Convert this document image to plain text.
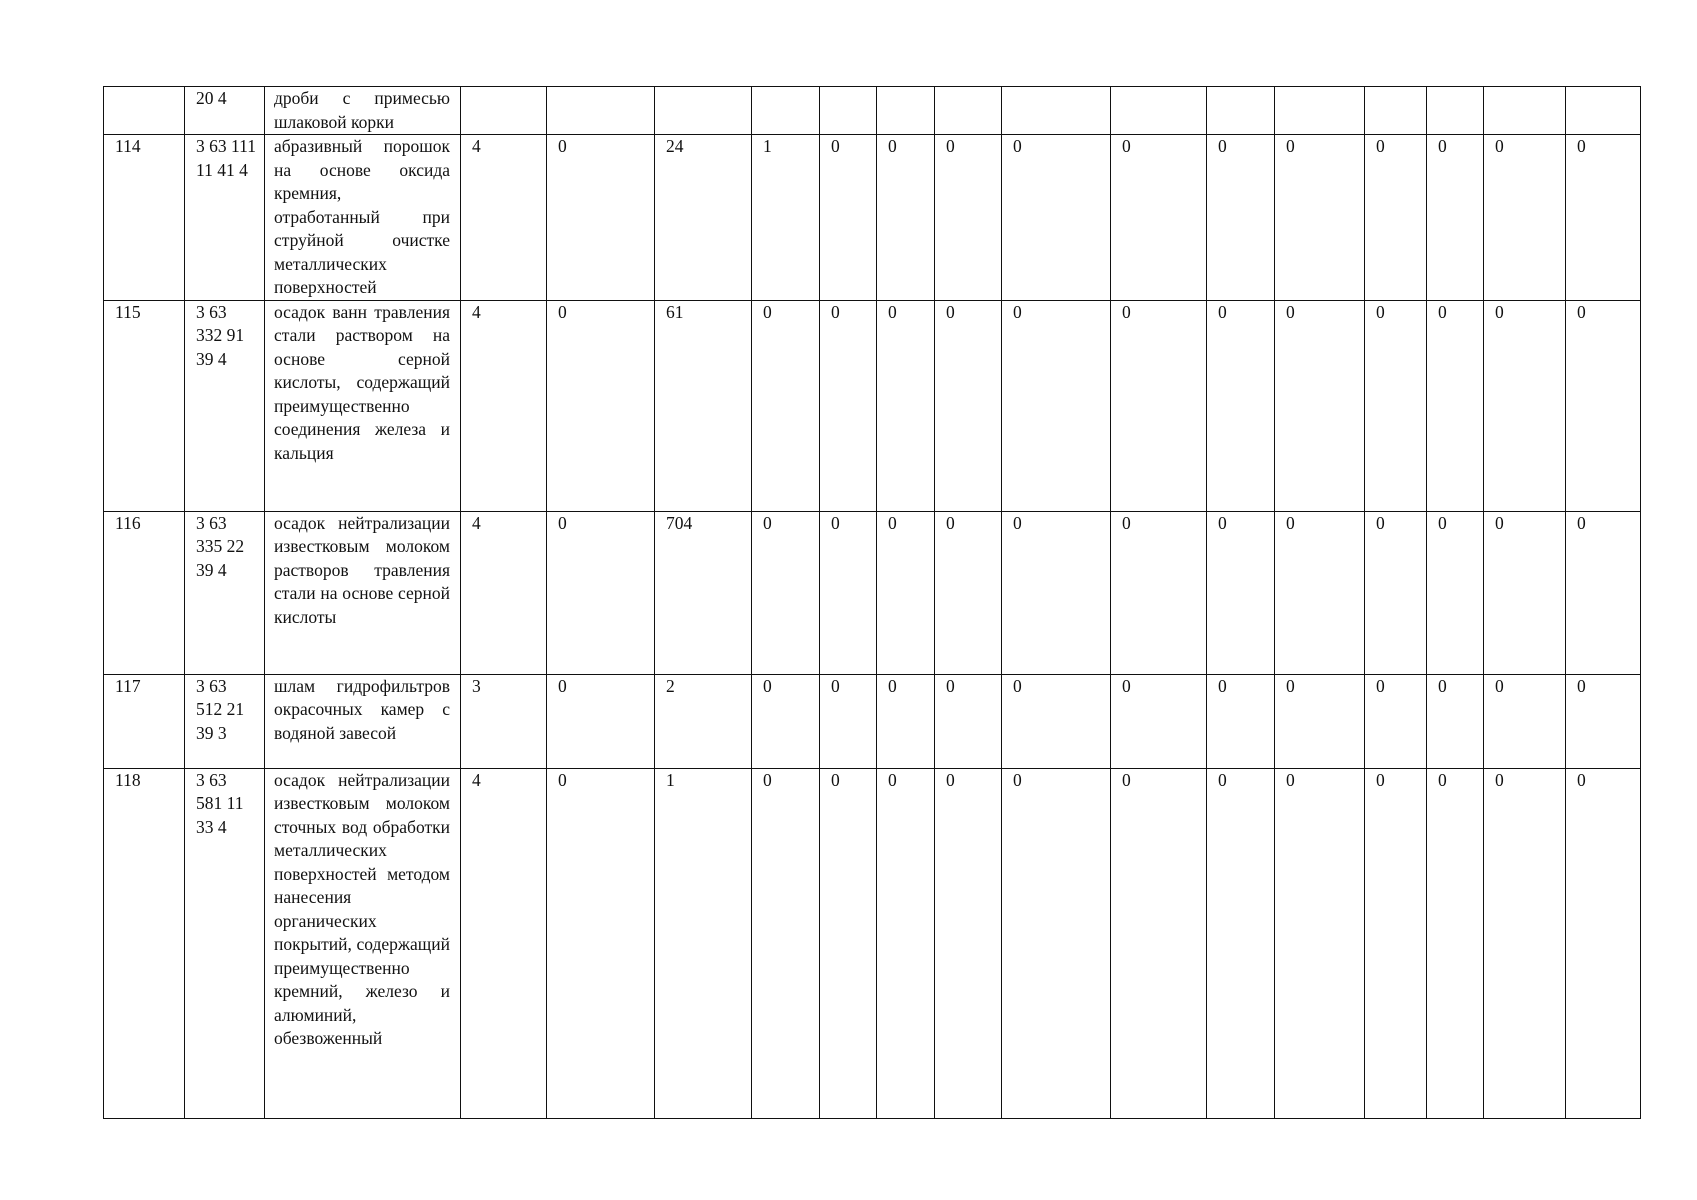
	20 4	дроби с примесью шлаковой корки															

114	3 63 111 11 41 4	абразивный порошок на основе оксида кремния, отработанный при струйной очистке металлических поверхностей	4	0	24	1	0	0	0	0	0	0	0	0	0	0	0

115	3 63 332 91 39 4	осадок ванн травления стали раствором на основе серной кислоты, содержащий преимущественно соединения железа и кальция	4	0	61	0	0	0	0	0	0	0	0	0	0	0	0

116	3 63 335 22 39 4	осадок нейтрализации известковым молоком растворов травления стали на основе серной кислоты	4	0	704	0	0	0	0	0	0	0	0	0	0	0	0

117	3 63 512 21 39 3	шлам гидрофильтров окрасочных камер с водяной завесой	3	0	2	0	0	0	0	0	0	0	0	0	0	0	0

118	3 63 581 11 33 4	осадок нейтрализации известковым молоком сточных вод обработки металлических поверхностей методом нанесения органических покрытий, содержащий преимущественно кремний, железо и алюминий, обезвоженный	4	0	1	0	0	0	0	0	0	0	0	0	0	0	0
